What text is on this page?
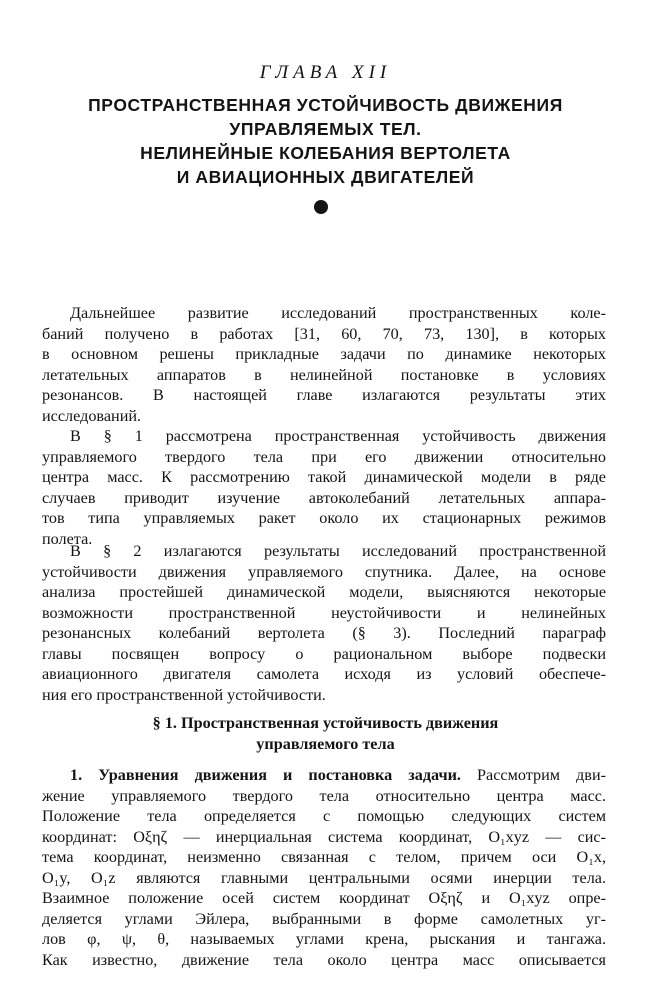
ГЛАВА XII
ПРОСТРАНСТВЕННАЯ УСТОЙЧИВОСТЬ ДВИЖЕНИЯ
УПРАВЛЯЕМЫХ ТЕЛ.
НЕЛИНЕЙНЫЕ КОЛЕБАНИЯ ВЕРТОЛЕТА
И АВИАЦИОННЫХ ДВИГАТЕЛЕЙ
Дальнейшее развитие исследований пространственных коле-
баний получено в работах [31, 60, 70, 73, 130], в которых
в основном решены прикладные задачи по динамике некоторых
летательных аппаратов в нелинейной постановке в условиях
резонансов. В настоящей главе излагаются результаты этих
исследований.
В § 1 рассмотрена пространственная устойчивость движения
управляемого твердого тела при его движении относительно
центра масс. К рассмотрению такой динамической модели в ряде
случаев приводит изучение автоколебаний летательных аппара-
тов типа управляемых ракет около их стационарных режимов
полета.
В § 2 излагаются результаты исследований пространственной
устойчивости движения управляемого спутника. Далее, на основе
анализа простейшей динамической модели, выясняются некоторые
возможности пространственной неустойчивости и нелинейных
резонансных колебаний вертолета (§ 3). Последний параграф
главы посвящен вопросу о рациональном выборе подвески
авиационного двигателя самолета исходя из условий обеспече-
ния его пространственной устойчивости.
§ 1. Пространственная устойчивость движения
управляемого тела
1. Уравнения движения и постановка задачи. Рассмотрим дви-
жение управляемого твердого тела относительно центра масс.
Положение тела определяется с помощью следующих систем
координат: Oξηζ — инерциальная система координат, O₁xyz — сис-
тема координат, неизменно связанная с телом, причем оси O₁x,
O₁y, O₁z являются главными центральными осями инерции тела.
Взаимное положение осей систем координат Oξηζ и O₁xyz опре-
деляется углами Эйлера, выбранными в форме самолетных уг-
лов φ, ψ, θ, называемых углами крена, рыскания и тангажа.
Как известно, движение тела около центра масс описывается
